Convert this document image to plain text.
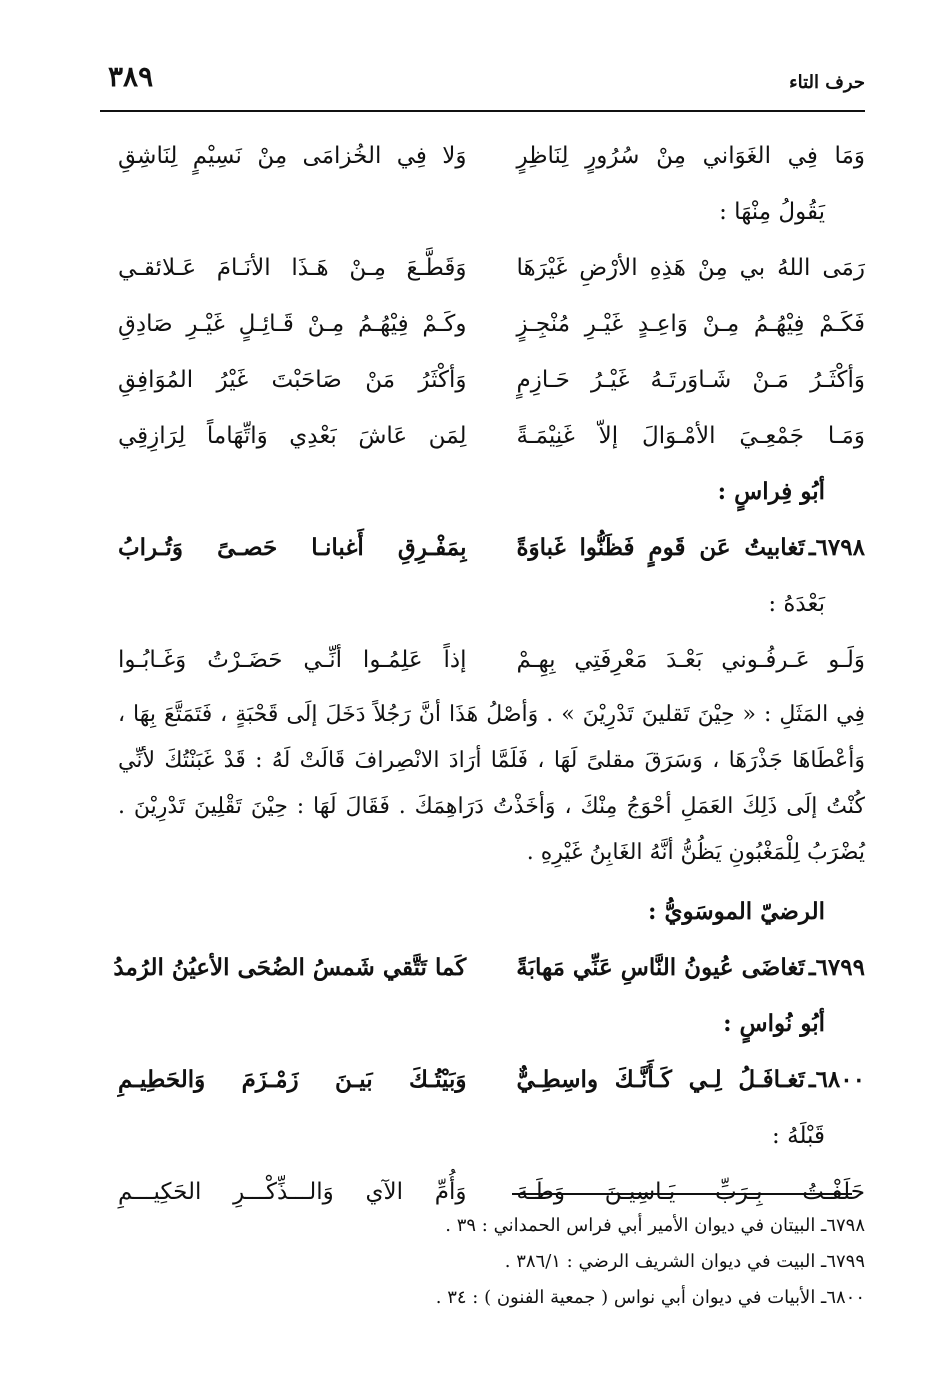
٣٨٩	حرف التاء
وَمَا فِي الغَوَاني مِنْ سُرُورٍ لِنَاظِرٍ
وَلا فِي الخُزامَى مِنْ نَسِيْمٍ لِنَاشِقِ
يَقُولُ مِنْهَا :
رَمَى اللهُ بي مِنْ هَذِهِ الأرْضِ غَيْرَهَا
وَقَطَّـعَ مِـنْ هَـذَا الأنَـامَ عَـلائقـي
فَكَـمْ فِيْهُـمُ مِـنْ وَاعِـدٍ غَيْـرِ مُنْجِـزٍ
وكَـمْ فِيْهُـمُ مِـنْ قَـائِـلٍ غَيْـرِ صَادِقِ
وَأكْثَـرُ مَـنْ شَـاوَرتَـهُ غَيْـرُ حَـازِمٍ
وَأكْثَرُ مَنْ صَاحَبْتَ غَيْرُ المُوَافِقِ
وَمَـا جَمْعِـيَ الأمْـوَالَ إلاّ غَنِيْمَـةً
لِمَن عَاشَ بَعْدِي وَاتِّهَاماً لِرَازِقِي
أبُو فِراسٍ :
٦٧٩٨ـتَغابيتُ عَن قَومٍ فَظَنُّوا غَباوَةً
بِمَفْـرِقِ أَغبانـا حَصـىً وَتُـرابُ
بَعْدَهُ :
وَلَـو عَـرفُـوني بَعْـدَ مَعْرِفَتِي بِهِـمْ
إذاً عَلِمُـوا أنِّـي حَضَـرْتُ وَغَـابُـوا
فِي المَثَلِ : « حِيْنَ تَقلينَ تَدْرِيْنَ » . وَأصْلُ هَذَا أنَّ رَجُلاً دَخَلَ إلَى قَحْبَةٍ ، فَتَمَتَّعَ بِهَا ، وَأعْطَاهَا جَذْرَهَا ، وَسَرَقَ مقلىً لَهَا ، فَلَمَّا أرَادَ الانْصِرافَ قَالَتْ لَهُ : قَدْ غَبَنْتُكَ لأنِّي كُنْتُ إلَى ذَلِكَ العَمَلِ أحْوَجُ مِنْكَ ، وَأخَذْتُ دَرَاهِمَكَ . فَقَالَ لَهَا : حِيْنَ تَقْلِينَ تَدْرِيْنَ . يُضْرَبُ لِلْمَغْبُونِ يَظُنُّ أنَّهُ الغَابِنُ غَيْرِهِ .
الرضيّ الموسَويُّ :
٦٧٩٩ـتَغاضَى عُيونُ النَّاسِ عَنِّي مَهابَةً
كَما تَتَّقي شَمسُ الضُحَى الأعيُنُ الرُمدُ
أبُو نُواسٍ :
٦٨٠٠ـتَغـافَـلُ لِـي كَـأَنَّـكَ واسِطِـيٌّ
وَبَيْتُـكَ بَيـنَ زَمْـزَمَ وَالحَطِيـمِ
قَبْلَهُ :
حَلَفْـتُ بِـرَبِّ يَـاسِيـنَ وَطَـهَ
وَأُمِّ الآي وَالـــذِّكْـــرِ الحَكِيـــمِ
٦٧٩٨ـ البيتان في ديوان الأمير أبي فراس الحمداني : ٣٩ .
٦٧٩٩ـ البيت في ديوان الشريف الرضي : ٣٨٦/١ .
٦٨٠٠ـ الأبيات في ديوان أبي نواس ( جمعية الفنون ) : ٣٤ .
